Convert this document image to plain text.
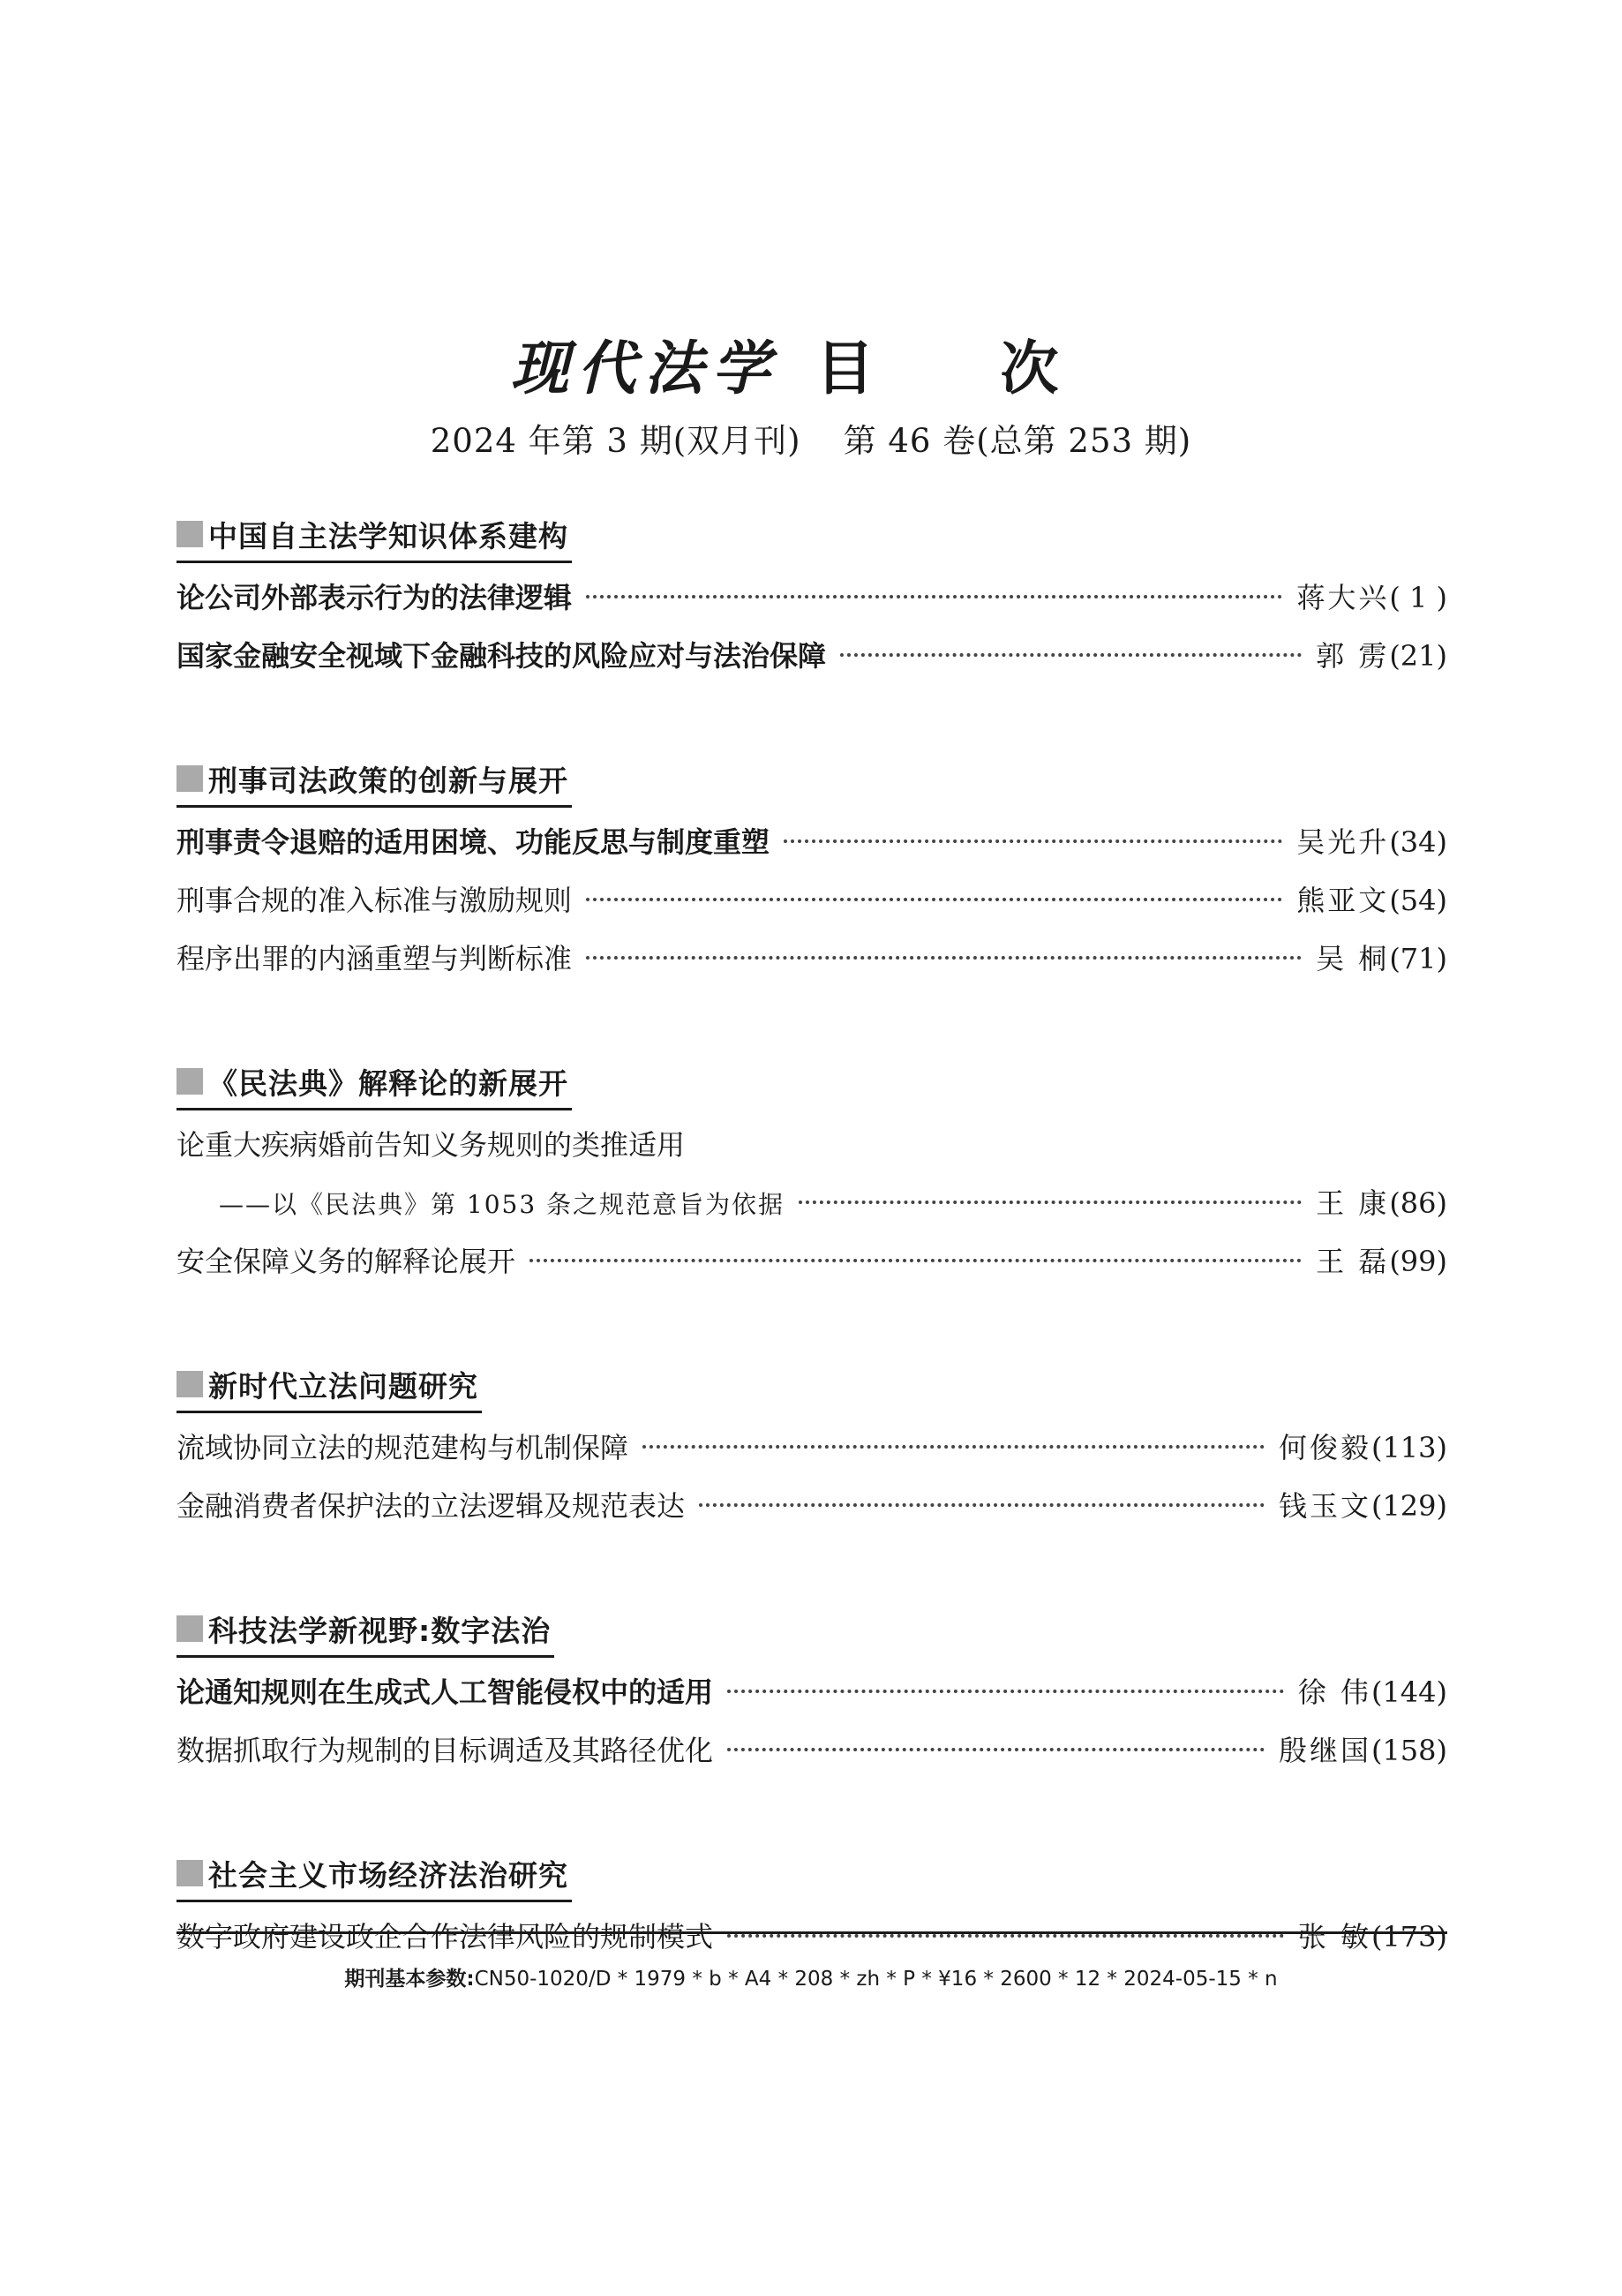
现代法学 目 次
2024 年第 3 期(双月刊) 第 46 卷(总第 253 期)
中国自主法学知识体系建构
论公司外部表示行为的法律逻辑	蒋大兴 ( 1 )
国家金融安全视域下金融科技的风险应对与法治保障	郭 雳 (21)
刑事司法政策的创新与展开
刑事责令退赔的适用困境、功能反思与制度重塑	吴光升 (34)
刑事合规的准入标准与激励规则	熊亚文 (54)
程序出罪的内涵重塑与判断标准	吴 桐 (71)
《民法典》解释论的新展开
论重大疾病婚前告知义务规则的类推适用
——以《民法典》第 1053 条之规范意旨为依据	王 康 (86)
安全保障义务的解释论展开	王 磊 (99)
新时代立法问题研究
流域协同立法的规范建构与机制保障	何俊毅 (113)
金融消费者保护法的立法逻辑及规范表达	钱玉文 (129)
科技法学新视野:数字法治
论通知规则在生成式人工智能侵权中的适用	徐 伟 (144)
数据抓取行为规制的目标调适及其路径优化	殷继国 (158)
社会主义市场经济法治研究
数字政府建设政企合作法律风险的规制模式	张 敏 (173)
期刊基本参数:CN50-1020/D * 1979 * b * A4 * 208 * zh * P * ¥16 * 2600 * 12 * 2024-05-15 * n
